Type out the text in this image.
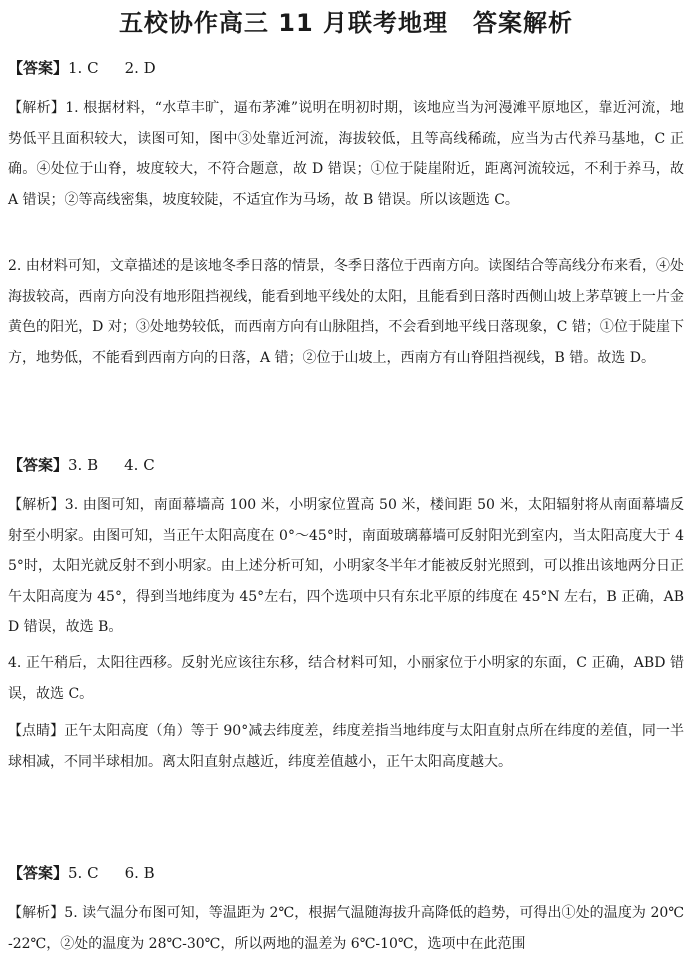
五校协作高三 11 月联考地理　答案解析
【答案】1. C 2. D
【解析】1. 根据材料，“水草丰旷，逼布茅滩”说明在明初时期，该地应当为河漫滩平原地区，靠近河流，地势低平且面积较大，读图可知，图中③处靠近河流，海拔较低，且等高线稀疏，应当为古代养马基地，C 正确。④处位于山脊，坡度较大，不符合题意，故 D 错误；①位于陡崖附近，距离河流较远，不利于养马，故 A 错误；②等高线密集，坡度较陡，不适宜作为马场，故 B 错误。所以该题选 C。
2. 由材料可知，文章描述的是该地冬季日落的情景，冬季日落位于西南方向。读图结合等高线分布来看，④处海拔较高，西南方向没有地形阻挡视线，能看到地平线处的太阳，且能看到日落时西侧山坡上茅草镀上一片金黄色的阳光，D 对；③处地势较低，而西南方向有山脉阻挡，不会看到地平线日落现象，C 错；①位于陡崖下方，地势低，不能看到西南方向的日落，A 错；②位于山坡上，西南方有山脊阻挡视线，B 错。故选 D。
【答案】3. B 4. C
【解析】3. 由图可知，南面幕墙高 100 米，小明家位置高 50 米，楼间距 50 米，太阳辐射将从南面幕墙反射至小明家。由图可知，当正午太阳高度在 0°～45°时，南面玻璃幕墙可反射阳光到室内，当太阳高度大于 45°时，太阳光就反射不到小明家。由上述分析可知，小明家冬半年才能被反射光照到，可以推出该地两分日正午太阳高度为 45°，得到当地纬度为 45°左右，四个选项中只有东北平原的纬度在 45°N 左右，B 正确，ABD 错误，故选 B。
4. 正午稍后，太阳往西移。反射光应该往东移，结合材料可知，小丽家位于小明家的东面，C 正确，ABD 错误，故选 C。
【点睛】正午太阳高度（角）等于 90°减去纬度差，纬度差指当地纬度与太阳直射点所在纬度的差值，同一半球相减，不同半球相加。离太阳直射点越近，纬度差值越小，正午太阳高度越大。
【答案】5. C 6. B
【解析】5. 读气温分布图可知，等温距为 2℃，根据气温随海拔升高降低的趋势，可得出①处的温度为 20℃-22℃，②处的温度为 28℃-30℃，所以两地的温差为 6℃-10℃，选项中在此范围
